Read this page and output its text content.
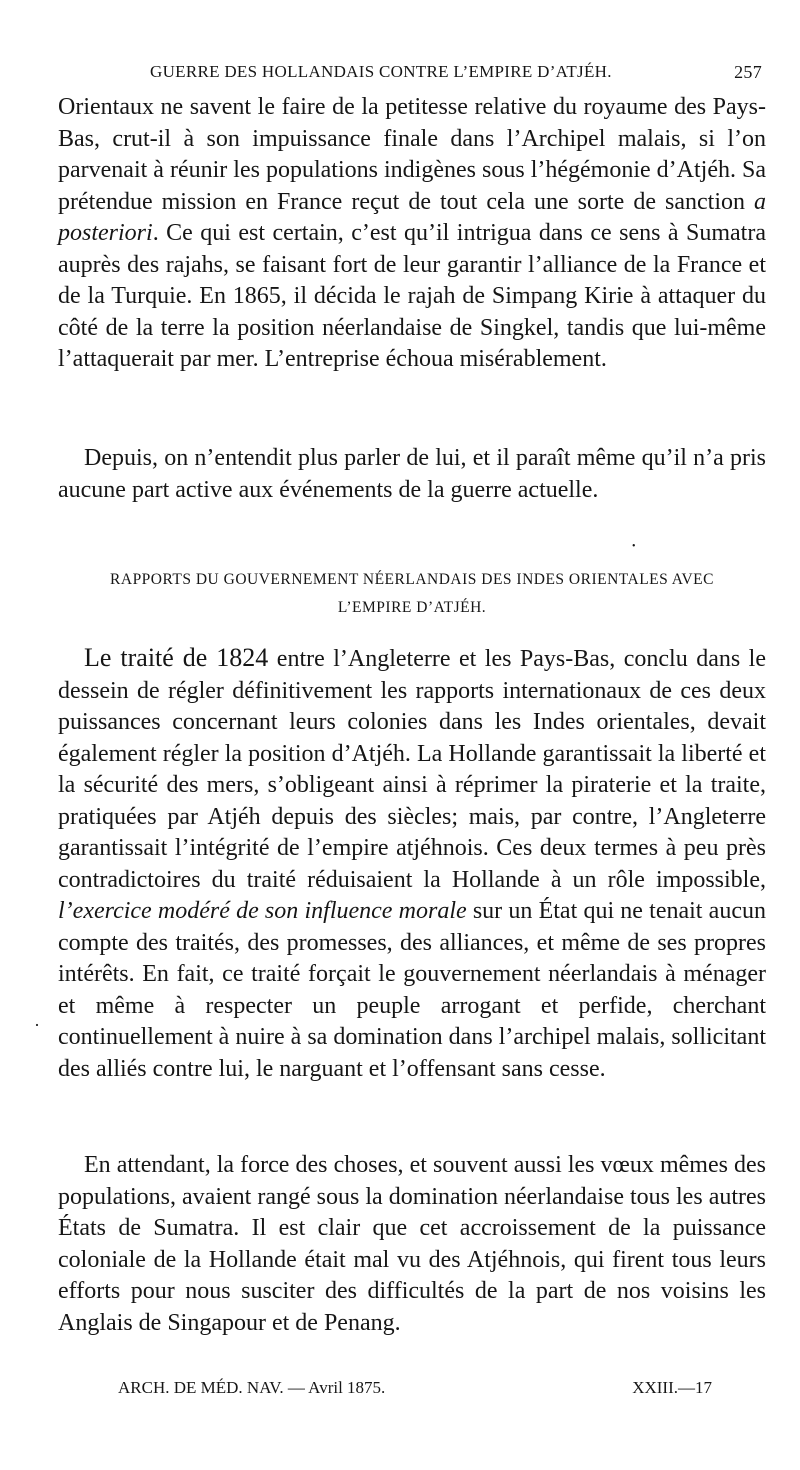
GUERRE DES HOLLANDAIS CONTRE L’EMPIRE D’ATJÉH.	257

Orientaux ne savent le faire de la petitesse relative du royaume des Pays-Bas, crut-il à son impuissance finale dans l’Archipel malais, si l’on parvenait à réunir les populations indigènes sous l’hégémonie d’Atjéh. Sa prétendue mission en France reçut de tout cela une sorte de sanction a posteriori. Ce qui est certain, c’est qu’il intrigua dans ce sens à Sumatra auprès des rajahs, se faisant fort de leur garantir l’alliance de la France et de la Turquie. En 1865, il décida le rajah de Simpang Kirie à attaquer du côté de la terre la position néerlandaise de Singkel, tandis que lui-même l’attaquerait par mer. L’entreprise échoua misérablement.

Depuis, on n’entendit plus parler de lui, et il paraît même qu’il n’a pris aucune part active aux événements de la guerre actuelle.

•
RAPPORTS DU GOUVERNEMENT NÉERLANDAIS DES INDES ORIENTALES AVEC
L’EMPIRE D’ATJÉH.

Le traité de 1824 entre l’Angleterre et les Pays-Bas, conclu dans le dessein de régler définitivement les rapports internationaux de ces deux puissances concernant leurs colonies dans les Indes orientales, devait également régler la position d’Atjéh. La Hollande garantissait la liberté et la sécurité des mers, s’obligeant ainsi à réprimer la piraterie et la traite, pratiquées par Atjéh depuis des siècles; mais, par contre, l’Angleterre garantissait l’intégrité de l’empire atjéhnois. Ces deux termes à peu près contradictoires du traité réduisaient la Hollande à un rôle impossible, l’exercice modéré de son influence morale sur un État qui ne tenait aucun compte des traités, des promesses, des alliances, et même de ses propres intérêts. En fait, ce traité forçait le gouvernement néerlandais à ménager et même à respecter un peuple arrogant et perfide, cherchant continuellement à nuire à sa domination dans l’archipel malais, sollicitant des alliés contre lui, le narguant et l’offensant sans cesse.

·

En attendant, la force des choses, et souvent aussi les vœux mêmes des populations, avaient rangé sous la domination néerlandaise tous les autres États de Sumatra. Il est clair que cet accroissement de la puissance coloniale de la Hollande était mal vu des Atjéhnois, qui firent tous leurs efforts pour nous susciter des difficultés de la part de nos voisins les Anglais de Singapour et de Penang.

ARCH. DE MÉD. NAV. — Avril 1875.	XXIII.—17
